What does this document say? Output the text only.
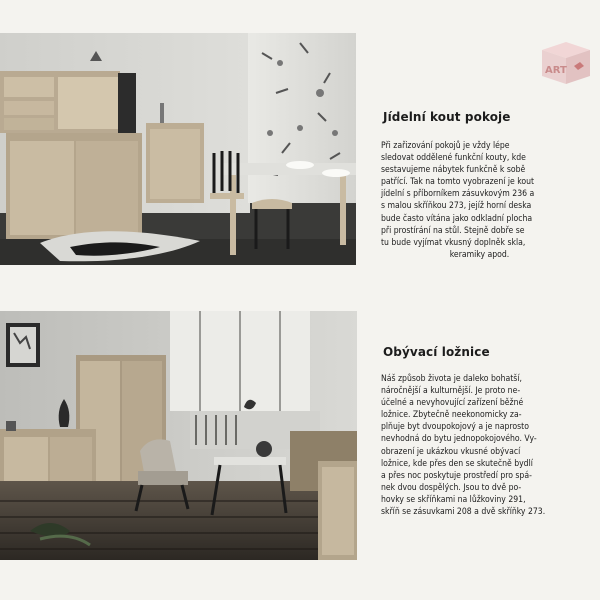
ART
Jídelní kout pokoje

Při zařizování pokojů je vždy lépe
sledovat oddělené funkční kouty, kde
sestavujeme nábytek funkčně k sobě
patřící. Tak na tomto vyobrazení je kout
jídelní s příborníkem zásuvkovým 236 a
s malou skříňkou 273, jejíž horní deska
bude často vítána jako odkladní plocha
při prostírání na stůl. Stejně dobře se
tu bude vyjímat vkusný doplněk skla,
keramiky apod.

Obývací ložnice

Náš způsob života je daleko bohatší,
náročnější a kulturnější. Je proto ne-
účelné a nevyhovující zařízení běžné
ložnice. Zbytečně neekonomicky za-
plňuje byt dvoupokojový a je naprosto
nevhodná do bytu jednopokojového. Vy-
obrazení je ukázkou vkusné obývací
ložnice, kde přes den se skutečně bydlí
a přes noc poskytuje prostředí pro spá-
nek dvou dospělých. Jsou to dvě po-
hovky se skříňkami na lůžkoviny 291,
skříň se zásuvkami 208 a dvě skříňky 273.
